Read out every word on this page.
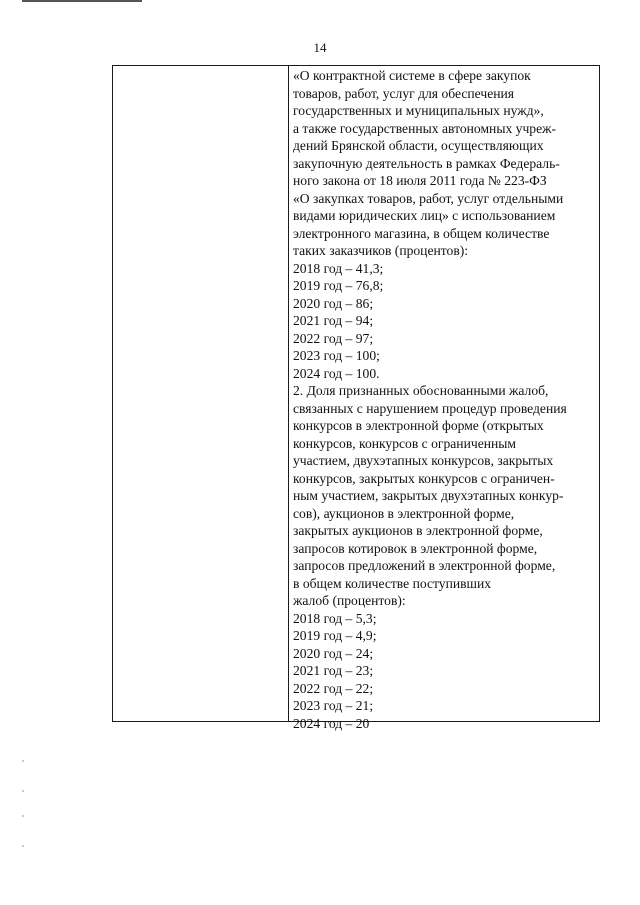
14
«О контрактной системе в сфере закупок
товаров, работ, услуг для обеспечения
государственных и муниципальных нужд»,
а также государственных автономных учреж-
дений Брянской области, осуществляющих
закупочную деятельность в рамках Федераль-
ного закона от 18 июля 2011 года № 223-ФЗ
«О закупках товаров, работ, услуг отдельными
видами юридических лиц» с использованием
электронного магазина, в общем количестве
таких заказчиков (процентов):
2018 год – 41,3;
2019 год – 76,8;
2020 год – 86;
2021 год – 94;
2022 год – 97;
2023 год – 100;
2024 год – 100.
2. Доля признанных обоснованными жалоб,
связанных с нарушением процедур проведения
конкурсов в электронной форме (открытых
конкурсов, конкурсов с ограниченным
участием, двухэтапных конкурсов, закрытых
конкурсов, закрытых конкурсов с ограничен-
ным участием, закрытых двухэтапных конкур-
сов), аукционов в электронной форме,
закрытых аукционов в электронной форме,
запросов котировок в электронной форме,
запросов предложений в электронной форме,
в общем количестве поступивших
жалоб (процентов):
2018 год – 5,3;
2019 год – 4,9;
2020 год – 24;
2021 год – 23;
2022 год – 22;
2023 год – 21;
2024 год – 20
